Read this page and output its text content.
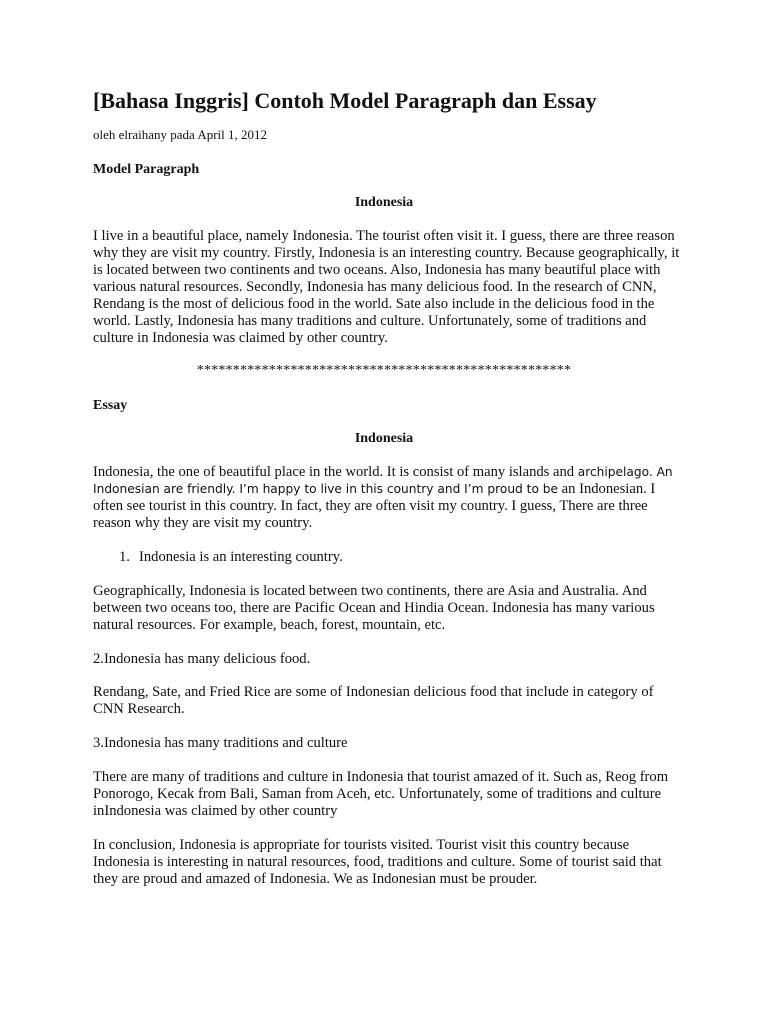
[Bahasa Inggris] Contoh Model Paragraph dan Essay
oleh elraihany pada April 1, 2012
Model Paragraph
Indonesia

I live in a beautiful place, namely Indonesia. The tourist often visit it. I guess, there are three reason why they are visit my country. Firstly, Indonesia is an interesting country. Because geographically, it is located between two continents and two oceans. Also, Indonesia has many beautiful place with various natural resources. Secondly, Indonesia has many delicious food. In the research of CNN, Rendang is the most of delicious food in the world. Sate also include in the delicious food in the world. Lastly, Indonesia has many traditions and culture. Unfortunately, some of traditions and culture in Indonesia was claimed by other country.

****************************************************
Essay
Indonesia

Indonesia, the one of beautiful place in the world. It is consist of many islands and archipelago. An Indonesian are friendly. I’m happy to live in this country and I’m proud to be an Indonesian. I often see tourist in this country. In fact, they are often visit my country. I guess, There are three reason why they are visit my country.

1. Indonesia is an interesting country.

Geographically, Indonesia is located between two continents, there are Asia and Australia. And between two oceans too, there are Pacific Ocean and Hindia Ocean. Indonesia has many various natural resources. For example, beach, forest, mountain, etc.

2.Indonesia has many delicious food.

Rendang, Sate, and Fried Rice are some of Indonesian delicious food that include in category of CNN Research.

3.Indonesia has many traditions and culture

There are many of traditions and culture in Indonesia that tourist amazed of it. Such as, Reog from Ponorogo, Kecak from Bali, Saman from Aceh, etc. Unfortunately, some of traditions and culture inIndonesia was claimed by other country

In conclusion, Indonesia is appropriate for tourists visited. Tourist visit this country because Indonesia is interesting in natural resources, food, traditions and culture. Some of tourist said that they are proud and amazed of Indonesia. We as Indonesian must be prouder.
